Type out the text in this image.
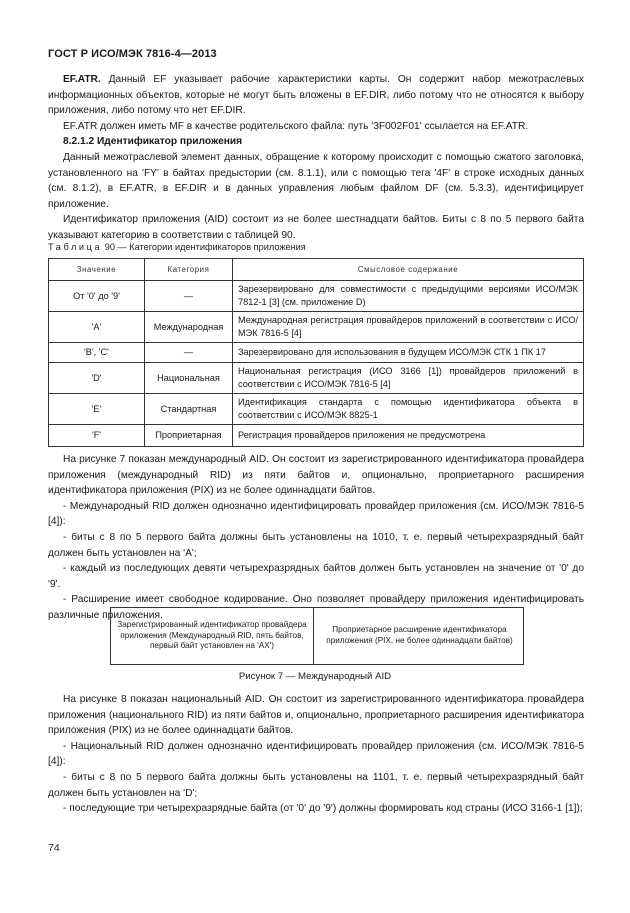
ГОСТ Р ИСО/МЭК 7816-4—2013

EF.ATR. Данный EF указывает рабочие характеристики карты. Он содержит набор межотраслевых информационных объектов, которые не могут быть вложены в EF.DIR, либо потому что не относятся к выбору приложения, либо потому что нет EF.DIR.

EF.ATR должен иметь MF в качестве родительского файла: путь '3F002F01' ссылается на EF.ATR.

8.2.1.2 Идентификатор приложения

Данный межотраслевой элемент данных, обращение к которому происходит с помощью сжатого заголовка, установленного на 'FY' в байтах предыстории (см. 8.1.1), или с помощью тега '4F' в строке исходных данных (см. 8.1.2), в EF.ATR, в EF.DIR и в данных управления любым файлом DF (см. 5.3.3), идентифицирует приложение.

Идентификатор приложения (AID) состоит из не более шестнадцати байтов. Биты с 8 по 5 первого байта указывают категорию в соответствии с таблицей 90.

Таблица 90 — Категории идентификаторов приложения
Значение	Категория	Смысловое содержание
От '0' до '9'	—	Зарезервировано для совместимости с предыдущими версиями ИСО/МЭК 7812-1 [3] (см. приложение D)
'A'	Международная	Международная регистрация провайдеров приложений в соответствии с ИСО/МЭК 7816-5 [4]
'B', 'C'	—	Зарезервировано для использования в будущем ИСО/МЭК СТК 1 ПК 17
'D'	Национальная	Национальная регистрация (ИСО 3166 [1]) провайдеров приложений в соответствии с ИСО/МЭК 7816-5 [4]
'E'	Стандартная	Идентификация стандарта с помощью идентификатора объекта в соответствии с ИСО/МЭК 8825-1
'F'	Проприетарная	Регистрация провайдеров приложения не предусмотрена

На рисунке 7 показан международный AID. Он состоит из зарегистрированного идентификатора провайдера приложения (международный RID) из пяти байтов и, опционально, проприетарного расширения идентификатора приложения (PIX) из не более одиннадцати байтов.

- Международный RID должен однозначно идентифицировать провайдер приложения (см. ИСО/МЭК 7816-5 [4]):

- биты с 8 по 5 первого байта должны быть установлены на 1010, т. е. первый четырехразрядный байт должен быть установлен на 'A';

- каждый из последующих девяти четырехразрядных байтов должен быть установлен на значение от '0' до '9'.

- Расширение имеет свободное кодирование. Оно позволяет провайдеру приложения идентифицировать различные приложения.

Зарегистрированный идентификатор провайдера приложения (Международный RID, пять байтов, первый байт установлен на 'AX')
Проприетарное расширение идентификатора приложения (PIX, не более одиннадцати байтов)
Рисунок 7 — Международный AID

На рисунке 8 показан национальный AID. Он состоит из зарегистрированного идентификатора провайдера приложения (национального RID) из пяти байтов и, опционально, проприетарного расширения идентификатора приложения (PIX) из не более одиннадцати байтов.

- Национальный RID должен однозначно идентифицировать провайдер приложения (см. ИСО/МЭК 7816-5 [4]):

- биты с 8 по 5 первого байта должны быть установлены на 1101, т. е. первый четырехразрядный байт должен быть установлен на 'D';

- последующие три четырехразрядные байта (от '0' до '9') должны формировать код страны (ИСО 3166-1 [1]);

74
